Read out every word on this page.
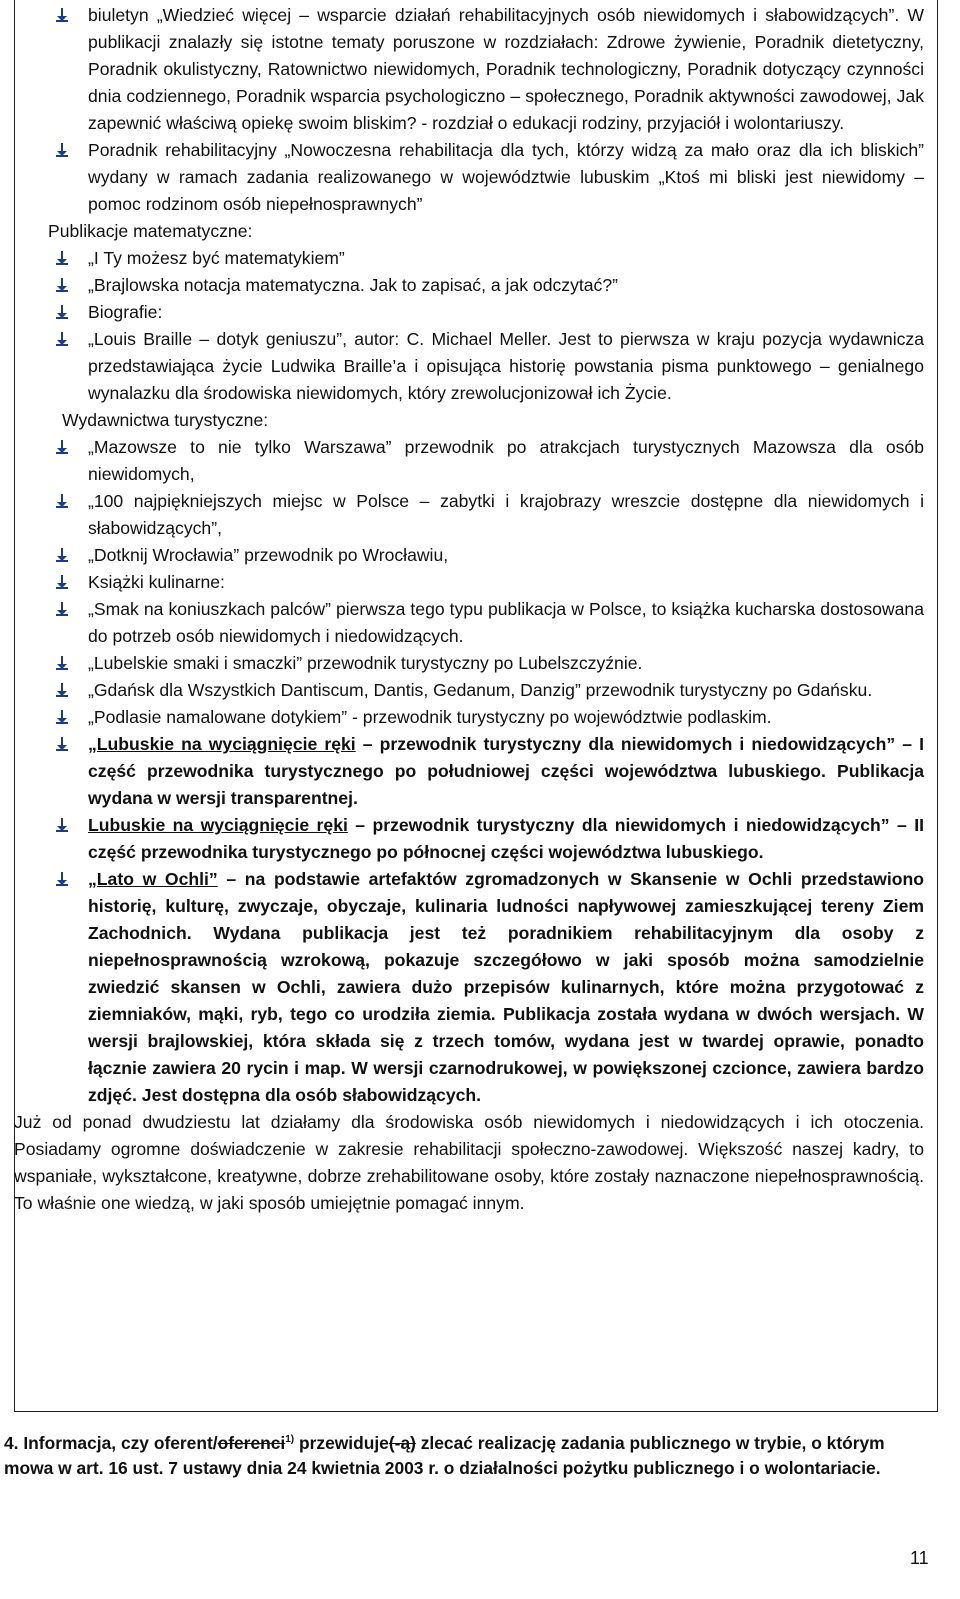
biuletyn „Wiedzieć więcej – wsparcie działań rehabilitacyjnych osób niewidomych i słabowidzących”. W publikacji znalazły się istotne tematy poruszone w rozdziałach: Zdrowe żywienie, Poradnik dietetyczny, Poradnik okulistyczny, Ratownictwo niewidomych, Poradnik technologiczny, Poradnik dotyczący czynności dnia codziennego, Poradnik wsparcia psychologiczno – społecznego, Poradnik aktywności zawodowej, Jak zapewnić właściwą opiekę swoim bliskim? - rozdział o edukacji rodziny, przyjaciół i wolontariuszy.
Poradnik rehabilitacyjny „Nowoczesna rehabilitacja dla tych, którzy widzą za mało oraz dla ich bliskich” wydany w ramach zadania realizowanego w województwie lubuskim „Ktoś mi bliski jest niewidomy – pomoc rodzinom osób niepełnosprawnych”
Publikacje matematyczne:
„I Ty możesz być matematykiem”
„Brajlowska notacja matematyczna. Jak to zapisać, a jak odczytać?”
Biografie:
„Louis Braille – dotyk geniuszu”, autor: C. Michael Meller. Jest to pierwsza w kraju pozycja wydawnicza przedstawiająca życie Ludwika Braille’a i opisująca historię powstania pisma punktowego – genialnego wynalazku dla środowiska niewidomych, który zrewolucjonizował ich Życie.
Wydawnictwa turystyczne:
„Mazowsze to nie tylko Warszawa” przewodnik po atrakcjach turystycznych Mazowsza dla osób niewidomych,
„100 najpiękniejszych miejsc w Polsce – zabytki i krajobrazy wreszcie dostępne dla niewidomych i słabowidzących”,
„Dotknij Wrocławia” przewodnik po Wrocławiu,
Książki kulinarne:
„Smak na koniuszkach palców” pierwsza tego typu publikacja w Polsce, to książka kucharska dostosowana do potrzeb osób niewidomych i niedowidzących.
„Lubelskie smaki i smaczki” przewodnik turystyczny po Lubelszczyźnie.
„Gdańsk dla Wszystkich Dantiscum, Dantis, Gedanum, Danzig” przewodnik turystyczny po Gdańsku.
„Podlasie namalowane dotykiem” - przewodnik turystyczny po województwie podlaskim.
„Lubuskie na wyciągnięcie ręki – przewodnik turystyczny dla niewidomych i niedowidzących” – I część przewodnika turystycznego po południowej części województwa lubuskiego. Publikacja wydana w wersji transparentnej.
Lubuskie na wyciągnięcie ręki – przewodnik turystyczny dla niewidomych i niedowidzących” – II część przewodnika turystycznego po północnej części województwa lubuskiego.
„Lato w Ochli” – na podstawie artefaktów zgromadzonych w Skansenie w Ochli przedstawiono historię, kulturę, zwyczaje, obyczaje, kulinaria ludności napływowej zamieszkującej tereny Ziem Zachodnich. Wydana publikacja jest też poradnikiem rehabilitacyjnym dla osoby z niepełnosprawnością wzrokową, pokazuje szczegółowo w jaki sposób można samodzielnie zwiedzić skansen w Ochli, zawiera dużo przepisów kulinarnych, które można przygotować z ziemniaków, mąki, ryb, tego co urodziła ziemia. Publikacja została wydana w dwóch wersjach. W wersji brajlowskiej, która składa się z trzech tomów, wydana jest w twardej oprawie, ponadto łącznie zawiera 20 rycin i map. W wersji czarnodrukowej, w powiększonej czcionce, zawiera bardzo zdjęć. Jest dostępna dla osób słabowidzących.
Już od ponad dwudziestu lat działamy dla środowiska osób niewidomych i niedowidzących i ich otoczenia. Posiadamy ogromne doświadczenie w zakresie rehabilitacji społeczno-zawodowej. Większość naszej kadry, to wspaniałe, wykształcone, kreatywne, dobrze zrehabilitowane osoby, które zostały naznaczone niepełnosprawnością. To właśnie one wiedzą, w jaki sposób umiejętnie pomagać innym.
4. Informacja, czy oferent/oferenci$^{1)}$ przewiduje(-ą) zlecać realizację zadania publicznego w trybie, o którym mowa w art. 16 ust. 7 ustawy dnia 24 kwietnia 2003 r. o działalności pożytku publicznego i o wolontariacie.
11
